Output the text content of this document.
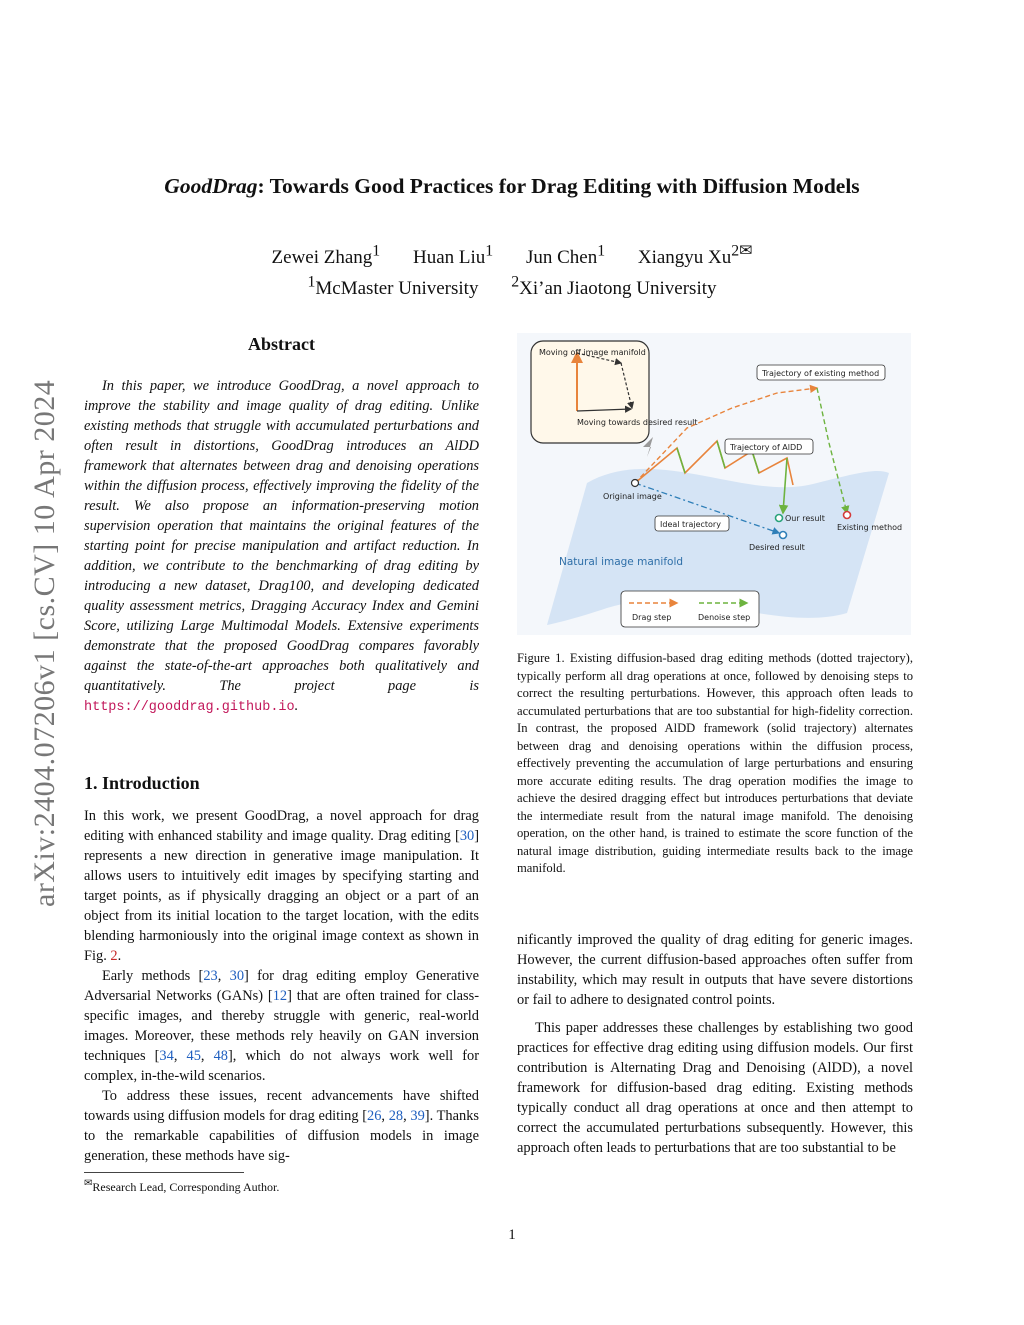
arXiv:2404.07206v1 [cs.CV] 10 Apr 2024
GoodDrag: Towards Good Practices for Drag Editing with Diffusion Models
Zewei Zhang$^1$ Huan Liu$^1$ Jun Chen$^1$ Xiangyu $Xu^{2✉}$
$^1$McMaster University $^2$Xi’an Jiaotong University
Abstract
In this paper, we introduce GoodDrag, a novel approach to improve the stability and image quality of drag editing. Unlike existing methods that struggle with accumulated perturbations and often result in distortions, GoodDrag introduces an AlDD framework that alternates between drag and denoising operations within the diffusion process, effectively improving the fidelity of the result. We also propose an information-preserving motion supervision operation that maintains the original features of the starting point for precise manipulation and artifact reduction. In addition, we contribute to the benchmarking of drag editing by introducing a new dataset, Drag100, and developing dedicated quality assessment metrics, Dragging Accuracy Index and Gemini Score, utilizing Large Multimodal Models. Extensive experiments demonstrate that the proposed GoodDrag compares favorably against the state-of-the-art approaches both qualitatively and quantitatively. The project page is https://gooddrag.github.io.
1. Introduction

In this work, we present GoodDrag, a novel approach for drag editing with enhanced stability and image quality. Drag editing [30] represents a new direction in generative image manipulation. It allows users to intuitively edit images by specifying starting and target points, as if physically dragging an object or a part of an object from its initial location to the target location, with the edits blending harmoniously into the original image context as shown in Fig. 2.

Early methods [23, 30] for drag editing employ Generative Adversarial Networks (GANs) [12] that are often trained for class-specific images, and thereby struggle with generic, real-world images. Moreover, these methods rely heavily on GAN inversion techniques [34, 45, 48], which do not always work well for complex, in-the-wild scenarios.

To address these issues, recent advancements have shifted towards using diffusion models for drag editing [26, 28, 39]. Thanks to the remarkable capabilities of diffusion models in image generation, these methods have sig-

✉Research Lead, Corresponding Author.
Moving off image manifold
Moving towards desired result
Trajectory of existing method
Trajectory of AlDD
Original image
Ideal trajectory
Our result
Existing method
Desired result
Natural image manifold
Drag step	Denoise step
Figure 1. Existing diffusion-based drag editing methods (dotted trajectory), typically perform all drag operations at once, followed by denoising steps to correct the resulting perturbations. However, this approach often leads to accumulated perturbations that are too substantial for high-fidelity correction. In contrast, the proposed AlDD framework (solid trajectory) alternates between drag and denoising operations within the diffusion process, effectively preventing the accumulation of large perturbations and ensuring more accurate editing results. The drag operation modifies the image to achieve the desired dragging effect but introduces perturbations that deviate the intermediate result from the natural image manifold. The denoising operation, on the other hand, is trained to estimate the score function of the natural image distribution, guiding intermediate results back to the image manifold.

nificantly improved the quality of drag editing for generic images. However, the current diffusion-based approaches often suffer from instability, which may result in outputs that have severe distortions or fail to adhere to designated control points.

This paper addresses these challenges by establishing two good practices for effective drag editing using diffusion models. Our first contribution is Alternating Drag and Denoising (AlDD), a novel framework for diffusion-based drag editing. Existing methods typically conduct all drag operations at once and then attempt to correct the accumulated perturbations subsequently. However, this approach often leads to perturbations that are too substantial to be

1
